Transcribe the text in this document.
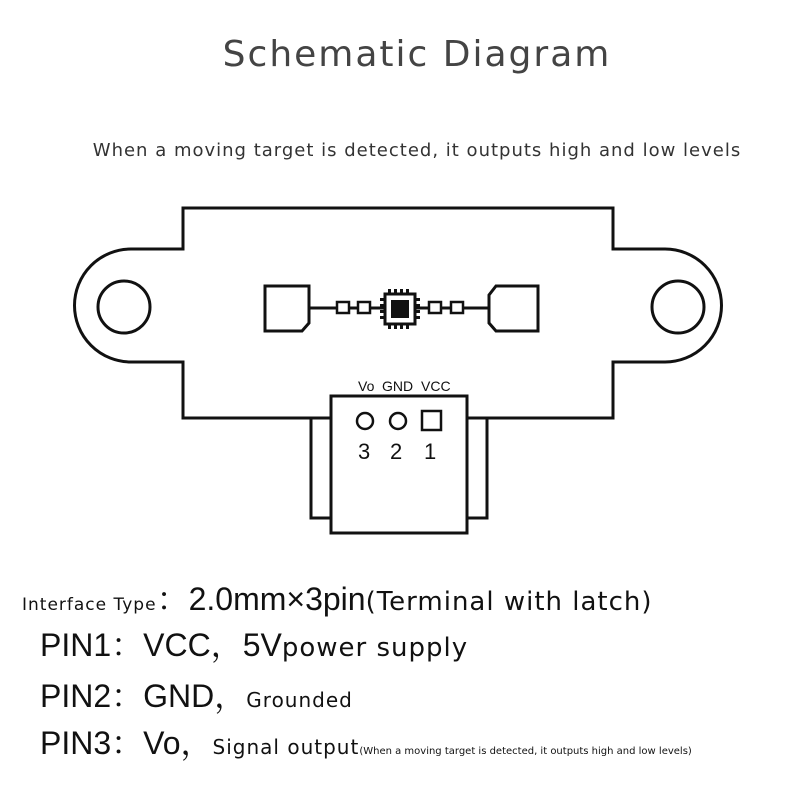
Schematic Diagram
When a moving target is detected, it outputs high and low levels
Vo GND VCC
3 2 1
Interface Type：2.0mm×3pin(Terminal with latch)
PIN1：VCC，5Vpower supply
PIN2：GND，Grounded
PIN3：Vo，Signal output(When a moving target is detected, it outputs high and low levels)
